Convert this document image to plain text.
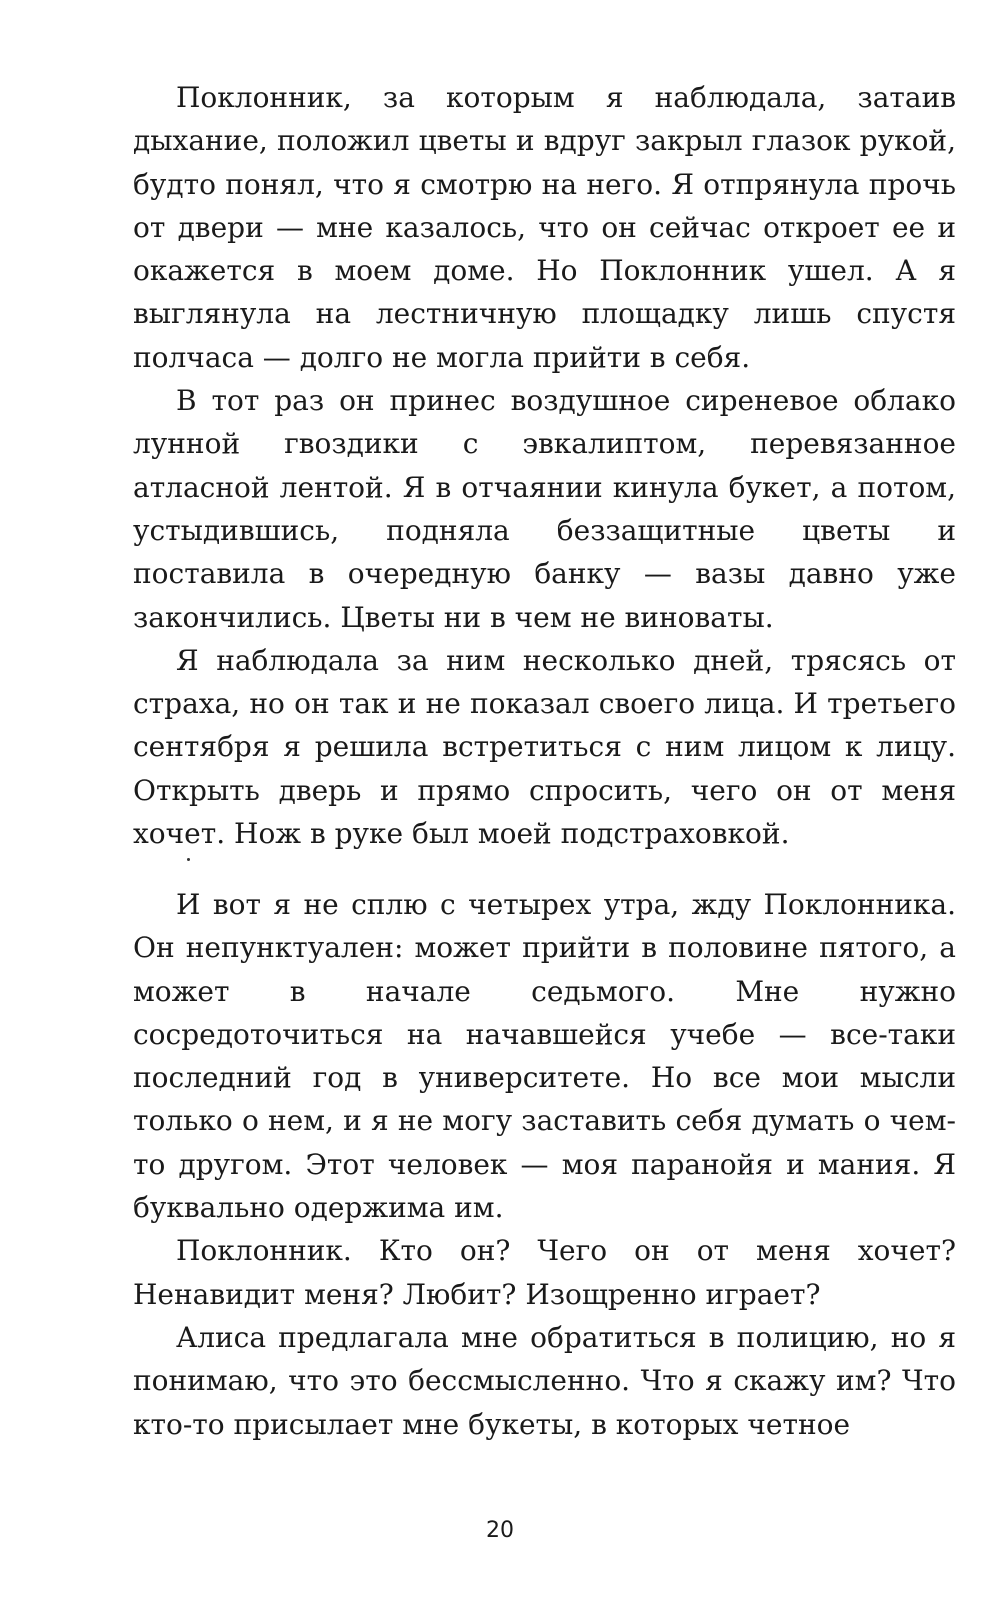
Поклонник, за которым я наблюдала, затаив дыхание, положил цветы и вдруг закрыл глазок рукой, будто понял, что я смотрю на него. Я отпрянула прочь от двери — мне казалось, что он сейчас откроет ее и окажется в моем доме. Но Поклонник ушел. А я выглянула на лестничную площадку лишь спустя полчаса — долго не могла прийти в себя.

В тот раз он принес воздушное сиреневое облако лунной гвоздики с эвкалиптом, перевязанное атласной лентой. Я в отчаянии кинула букет, а потом, устыдившись, подняла беззащитные цветы и поставила в очередную банку — вазы давно уже закончились. Цветы ни в чем не виноваты.

Я наблюдала за ним несколько дней, трясясь от страха, но он так и не показал своего лица. И третьего сентября я решила встретиться с ним лицом к лицу. Открыть дверь и прямо спросить, чего он от меня хочет. Нож в руке был моей подстраховкой.

И вот я не сплю с четырех утра, жду Поклонника. Он непунктуален: может прийти в половине пятого, а может в начале седьмого. Мне нужно сосредоточиться на начавшейся учебе — все-таки последний год в университете. Но все мои мысли только о нем, и я не могу заставить себя думать о чем-то другом. Этот человек — моя паранойя и мания. Я буквально одержима им.

Поклонник. Кто он? Чего он от меня хочет? Ненавидит меня? Любит? Изощренно играет?

Алиса предлагала мне обратиться в полицию, но я понимаю, что это бессмысленно. Что я скажу им? Что кто-то присылает мне букеты, в которых четное

20
